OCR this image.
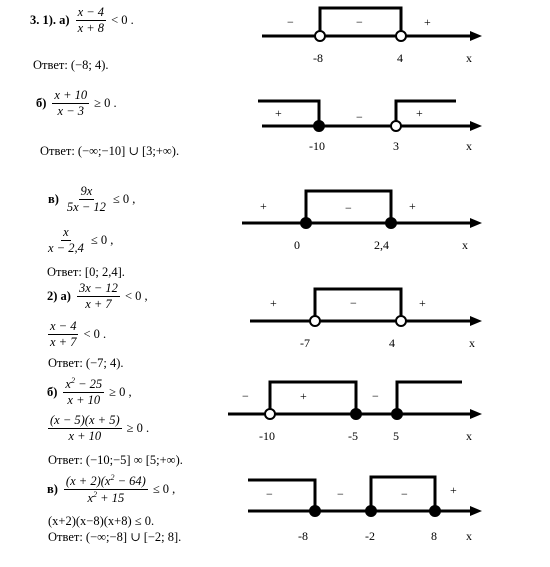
3. 1). $а) \frac{x - 4}{x + 8} < 0$ .
Ответ: (−8; 4).
$б) \frac{x + 10}{x - 3} \ge 0$ .
Ответ: (−∞;−10] ∪ [3;+∞).
$в) \frac{9x}{5x - 12} \le 0$ ,
$\frac{x}{x - 2,4} \le 0$ ,
Ответ: [0; 2,4].
2) $а) \frac{3x - 12}{x + 7} < 0$ ,
$\frac{x - 4}{x + 7} < 0$ .
Ответ: (−7; 4).
$б) \frac{x^2 - 25}{x + 10} \ge 0$ ,
$\frac{(x - 5)(x + 5)}{x + 10} \ge 0$ .
Ответ: (−10;−5] ∞ [5;+∞).
$в) \frac{(x + 2)(x^2 - 64)}{x^2 + 15} \le 0$ ,
(x+2)(x−8)(x+8) ≤ 0.
Ответ: (−∞;−8] ∪ [−2; 8].
−	−	+
-8	4	x
+	−	+
-10	3	x
+	−	+
0	2,4	x
+	−	+
-7	4	x
−	+	−
-10	-5	5	x
−	−	−	+
-8	-2	8 x
